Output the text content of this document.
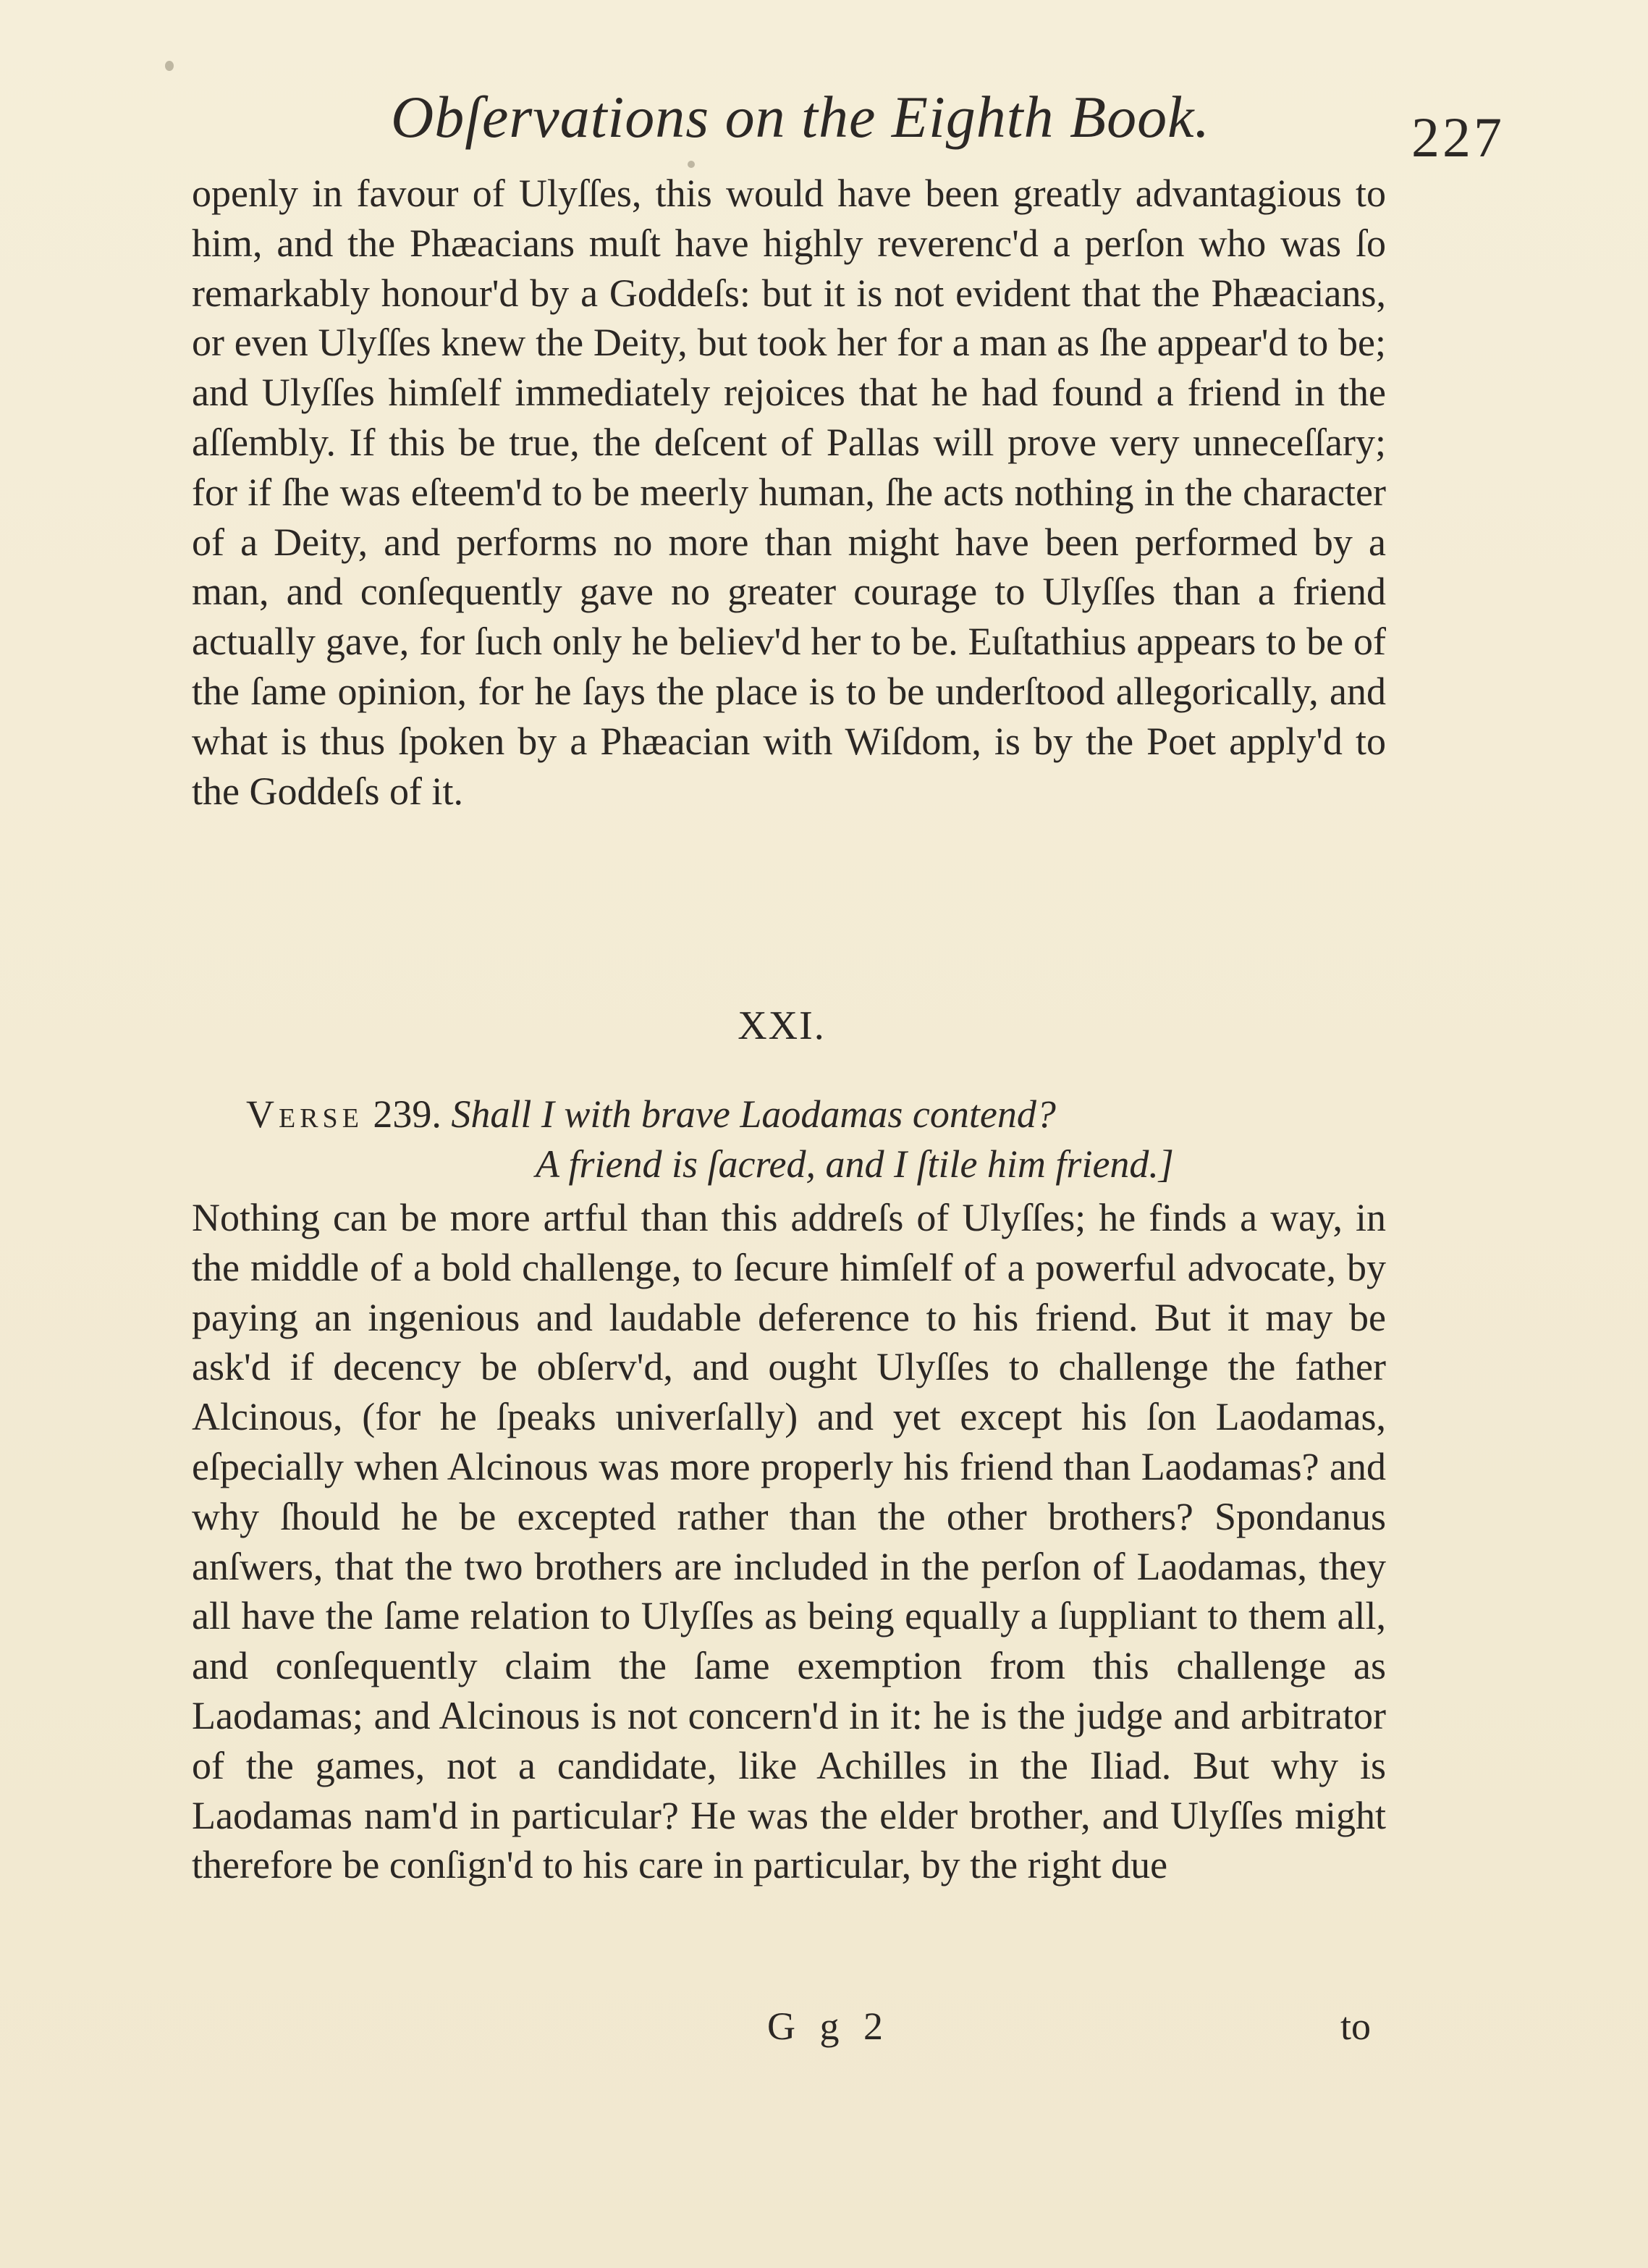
Obſervations on the Eighth Book.	227

openly in favour of Ulyſſes, this would have been greatly advantagious to him, and the Phæacians muſt have highly reverenc'd a perſon who was ſo remarkably honour'd by a Goddeſs: but it is not evident that the Phæacians, or even Ulyſſes knew the Deity, but took her for a man as ſhe appear'd to be; and Ulyſſes himſelf immediately rejoices that he had found a friend in the aſſembly. If this be true, the deſcent of Pallas will prove very unneceſſary; for if ſhe was eſteem'd to be meerly human, ſhe acts nothing in the character of a Deity, and performs no more than might have been performed by a man, and conſequently gave no greater courage to Ulyſſes than a friend actually gave, for ſuch only he believ'd her to be. Euſtathius appears to be of the ſame opinion, for he ſays the place is to be underſtood allegorically, and what is thus ſpoken by a Phæacian with Wiſdom, is by the Poet apply'd to the Goddeſs of it.

XXI.
Verse 239. Shall I with brave Laodamas contend?
A friend is ſacred, and I ſtile him friend.]

Nothing can be more artful than this addreſs of Ulyſſes; he finds a way, in the middle of a bold challenge, to ſecure himſelf of a powerful advocate, by paying an ingenious and laudable deference to his friend. But it may be ask'd if decency be obſerv'd, and ought Ulyſſes to challenge the father Alcinous, (for he ſpeaks univerſally) and yet except his ſon Laodamas, eſpecially when Alcinous was more properly his friend than Laodamas? and why ſhould he be excepted rather than the other brothers? Spondanus anſwers, that the two brothers are included in the perſon of Laodamas, they all have the ſame relation to Ulyſſes as being equally a ſuppliant to them all, and conſequently claim the ſame exemption from this challenge as Laodamas; and Alcinous is not concern'd in it: he is the judge and arbitrator of the games, not a candidate, like Achilles in the Iliad. But why is Laodamas nam'd in particular? He was the elder brother, and Ulyſſes might therefore be conſign'd to his care in particular, by the right due

G g 2	to
